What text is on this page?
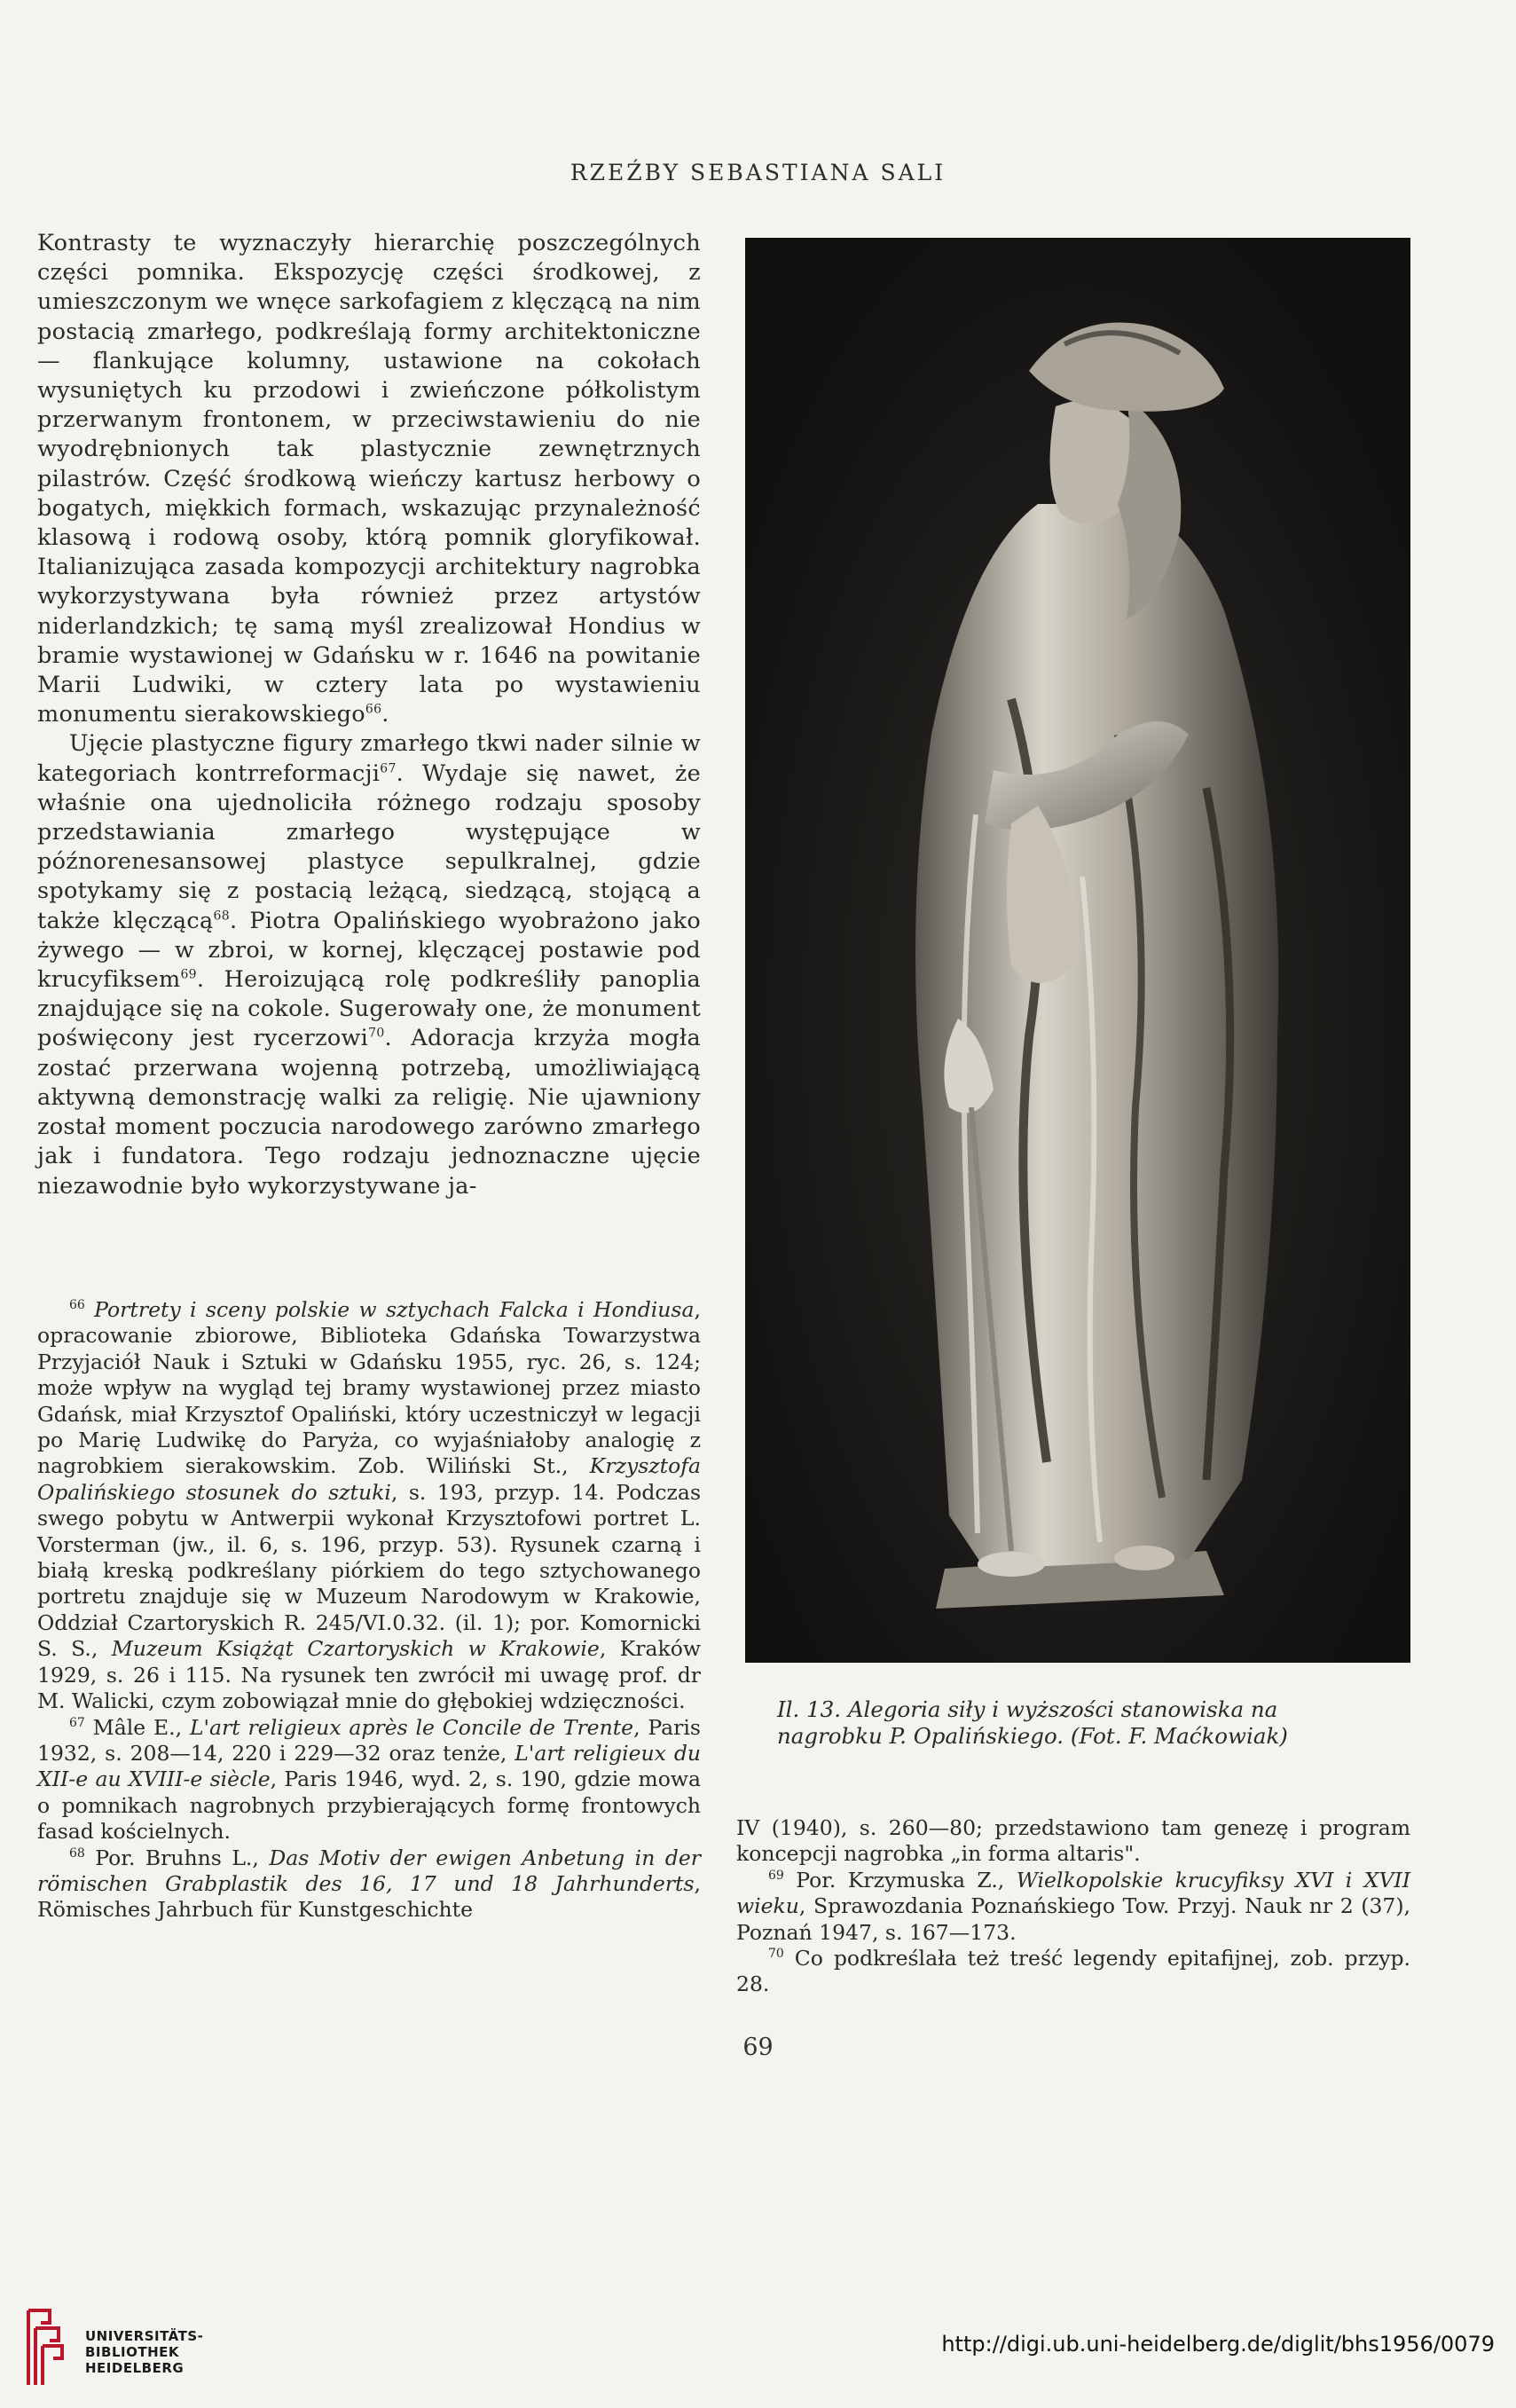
RZEŹBY SEBASTIANA SALI

Kontrasty te wyznaczyły hierarchię poszczególnych części pomnika. Ekspozycję części środkowej, z umieszczonym we wnęce sarkofagiem z klęczącą na nim postacią zmarłego, podkreślają formy architektoniczne — flankujące kolumny, ustawione na cokołach wysuniętych ku przodowi i zwieńczone półkolistym przerwanym frontonem, w przeciwstawieniu do nie wyodrębnionych tak plastycznie zewnętrznych pilastrów. Część środkową wieńczy kartusz herbowy o bogatych, miękkich formach, wskazując przynależność klasową i rodową osoby, którą pomnik gloryfikował. Italianizująca zasada kompozycji architektury nagrobka wykorzystywana była również przez artystów niderlandzkich; tę samą myśl zrealizował Hondius w bramie wystawionej w Gdańsku w r. 1646 na powitanie Marii Ludwiki, w cztery lata po wystawieniu monumentu sierakowskiego$^{66}$.

Ujęcie plastyczne figury zmarłego tkwi nader silnie w kategoriach kontrreformacji$^{67}$. Wydaje się nawet, że właśnie ona ujednoliciła różnego rodzaju sposoby przedstawiania zmarłego występujące w późnorenesansowej plastyce sepulkralnej, gdzie spotykamy się z postacią leżącą, siedzącą, stojącą a także klęczącą$^{68}$. Piotra Opalińskiego wyobrażono jako żywego — w zbroi, w kornej, klęczącej postawie pod krucyfiksem$^{69}$. Heroizującą rolę podkreśliły panoplia znajdujące się na cokole. Sugerowały one, że monument poświęcony jest rycerzowi$^{70}$. Adoracja krzyża mogła zostać przerwana wojenną potrzebą, umożliwiającą aktywną demonstrację walki za religię. Nie ujawniony został moment poczucia narodowego zarówno zmarłego jak i fundatora. Tego rodzaju jednoznaczne ujęcie niezawodnie było wykorzystywane ja-

$^{66}$ Portrety i sceny polskie w sztychach Falcka i Hondiusa, opracowanie zbiorowe, Biblioteka Gdańska Towarzystwa Przyjaciół Nauk i Sztuki w Gdańsku 1955, ryc. 26, s. 124; może wpływ na wygląd tej bramy wystawionej przez miasto Gdańsk, miał Krzysztof Opaliński, który uczestniczył w legacji po Marię Ludwikę do Paryża, co wyjaśniałoby analogię z nagrobkiem sierakowskim. Zob. Wiliński St., Krzysztofa Opalińskiego stosunek do sztuki, s. 193, przyp. 14. Podczas swego pobytu w Antwerpii wykonał Krzysztofowi portret L. Vorsterman (jw., il. 6, s. 196, przyp. 53). Rysunek czarną i białą kreską podkreślany piórkiem do tego sztychowanego portretu znajduje się w Muzeum Narodowym w Krakowie, Oddział Czartoryskich R. 245/VI.0.32. (il. 1); por. Komornicki S. S., Muzeum Książąt Czartoryskich w Krakowie, Kraków 1929, s. 26 i 115. Na rysunek ten zwrócił mi uwagę prof. dr M. Walicki, czym zobowiązał mnie do głębokiej wdzięczności.

$^{67}$ Mâle E., L'art religieux après le Concile de Trente, Paris 1932, s. 208—14, 220 i 229—32 oraz tenże, L'art religieux du XII-e au XVIII-e siècle, Paris 1946, wyd. 2, s. 190, gdzie mowa o pomnikach nagrobnych przybierających formę frontowych fasad kościelnych.

$^{68}$ Por. Bruhns L., Das Motiv der ewigen Anbetung in der römischen Grabplastik des 16, 17 und 18 Jahrhunderts, Römisches Jahrbuch für Kunstgeschichte

Il. 13. Alegoria siły i wyższości stanowiska na nagrobku P. Opalińskiego. (Fot. F. Maćkowiak)

IV (1940), s. 260—80; przedstawiono tam genezę i program koncepcji nagrobka „in forma altaris".

$^{69}$ Por. Krzymuska Z., Wielkopolskie krucyfiksy XVI i XVII wieku, Sprawozdania Poznańskiego Tow. Przyj. Nauk nr 2 (37), Poznań 1947, s. 167—173.

$^{70}$ Co podkreślała też treść legendy epitafijnej, zob. przyp. 28.

69
UNIVERSITÄTS-
BIBLIOTHEK
HEIDELBERG
http://digi.ub.uni-heidelberg.de/diglit/bhs1956/0079
